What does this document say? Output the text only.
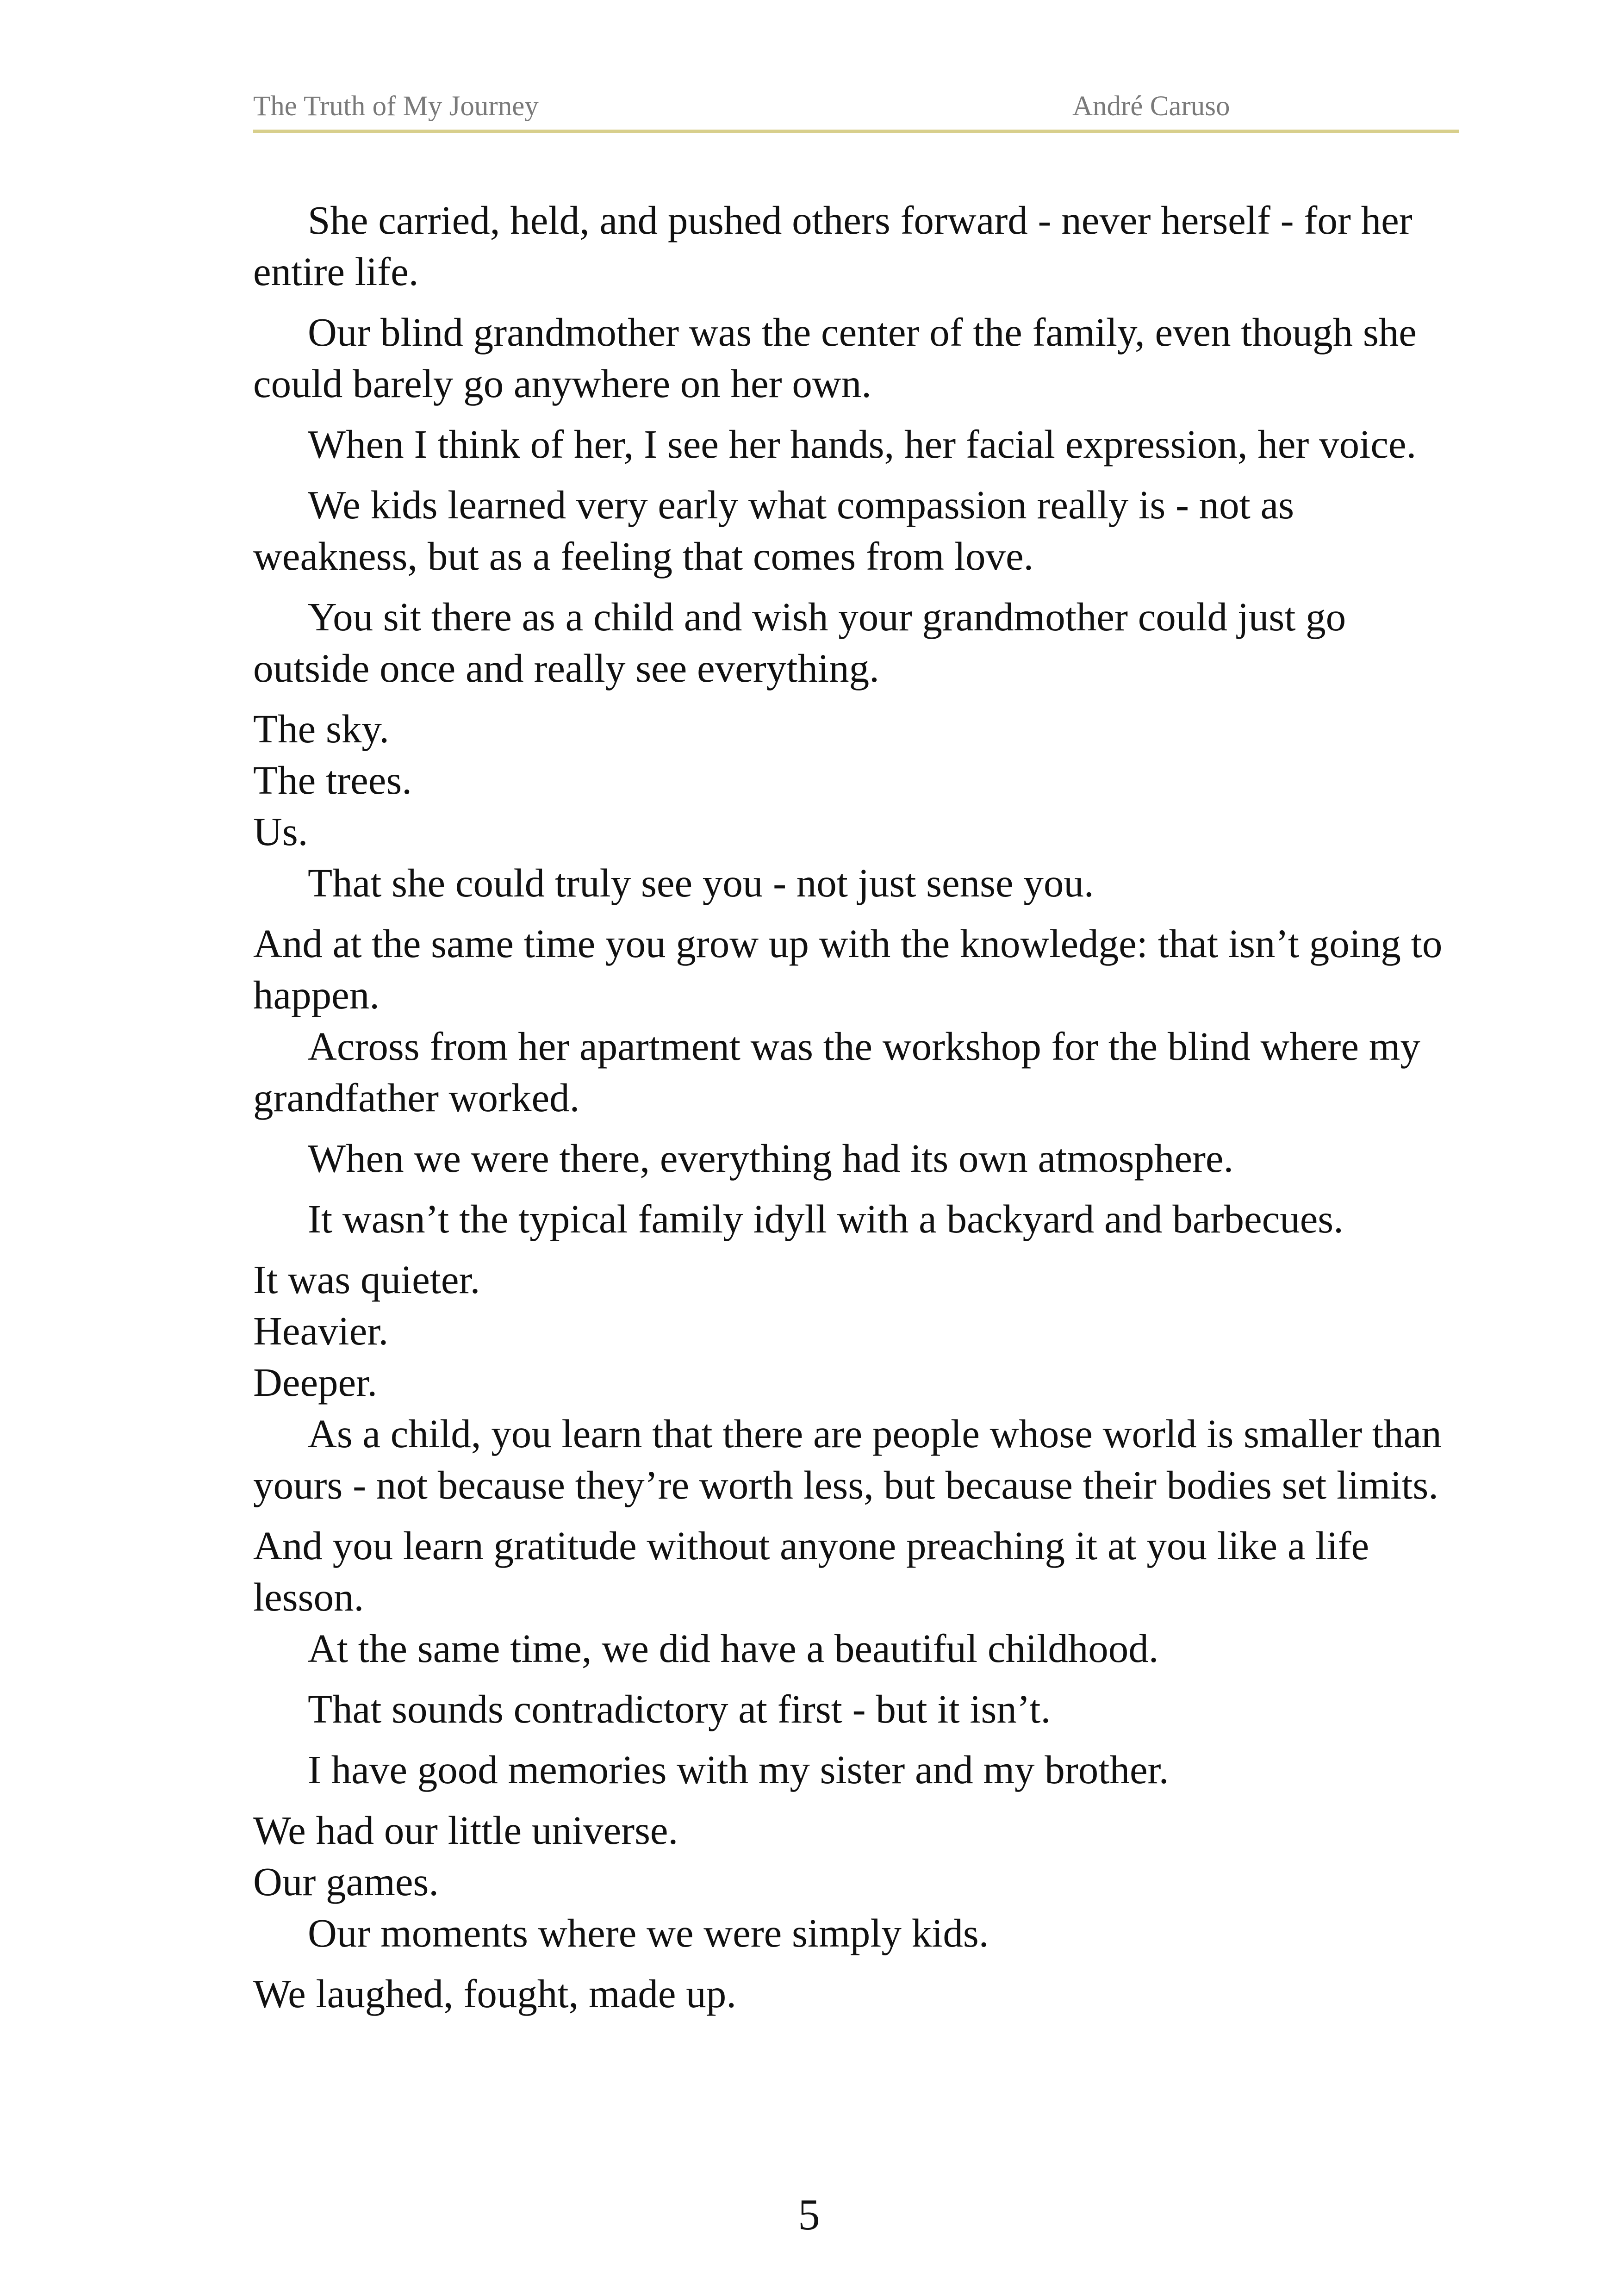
The Truth of My Journey	André Caruso

She carried, held, and pushed others forward - never herself - for her entire life.

Our blind grandmother was the center of the family, even though she could barely go anywhere on her own.

When I think of her, I see her hands, her facial expression, her voice.

We kids learned very early what compassion really is - not as weakness, but as a feeling that comes from love.

You sit there as a child and wish your grandmother could just go outside once and really see everything.

The sky.

The trees.

Us.

That she could truly see you - not just sense you.

And at the same time you grow up with the knowledge: that isn’t going to happen.

Across from her apartment was the workshop for the blind where my grandfather worked.

When we were there, everything had its own atmosphere.

It wasn’t the typical family idyll with a backyard and barbecues.

It was quieter.

Heavier.

Deeper.

As a child, you learn that there are people whose world is smaller than yours - not because they’re worth less, but because their bodies set limits.

And you learn gratitude without anyone preaching it at you like a life lesson.

At the same time, we did have a beautiful childhood.

That sounds contradictory at first - but it isn’t.

I have good memories with my sister and my brother.

We had our little universe.

Our games.

Our moments where we were simply kids.

We laughed, fought, made up.

5
